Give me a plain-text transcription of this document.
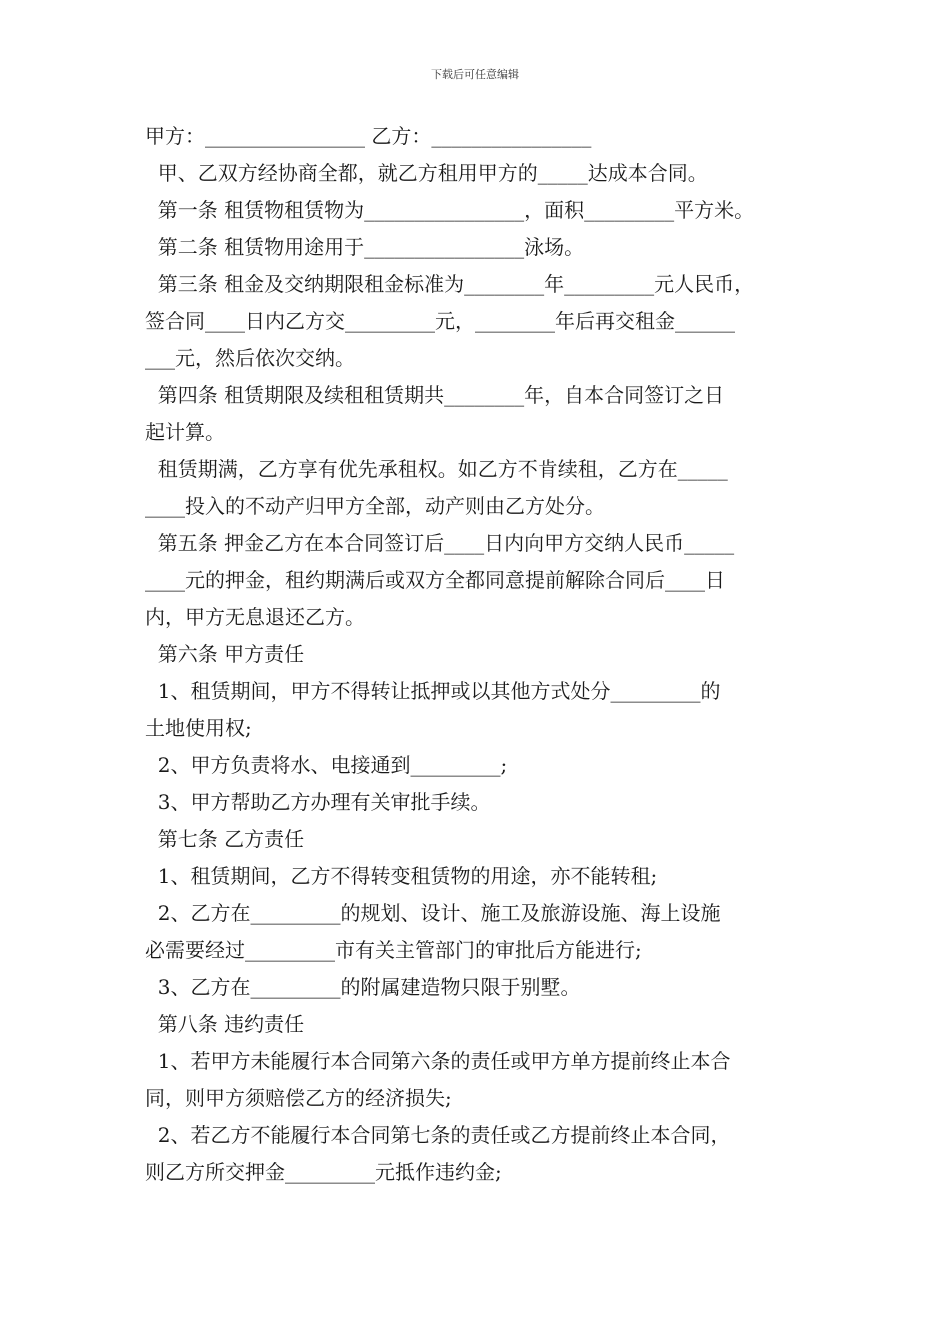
下载后可任意编辑
甲方：________________ 乙方：________________
甲、乙双方经协商全都，就乙方租用甲方的_____达成本合同。
第一条 租赁物租赁物为________________，面积_________平方米。
第二条 租赁物用途用于________________泳场。
第三条 租金及交纳期限租金标准为________年_________元人民币，
签合同____日内乙方交_________元，________年后再交租金______
___元，然后依次交纳。
第四条 租赁期限及续租租赁期共________年，自本合同签订之日
起计算。
租赁期满，乙方享有优先承租权。如乙方不肯续租，乙方在_____
____投入的不动产归甲方全部，动产则由乙方处分。
第五条 押金乙方在本合同签订后____日内向甲方交纳人民币_____
____元的押金，租约期满后或双方全都同意提前解除合同后____日
内，甲方无息退还乙方。
第六条 甲方责任
1、租赁期间，甲方不得转让抵押或以其他方式处分_________的
土地使用权;
2、甲方负责将水、电接通到_________;
3、甲方帮助乙方办理有关审批手续。
第七条 乙方责任
1、租赁期间，乙方不得转变租赁物的用途，亦不能转租;
2、乙方在_________的规划、设计、施工及旅游设施、海上设施
必需要经过_________市有关主管部门的审批后方能进行;
3、乙方在_________的附属建造物只限于别墅。
第八条 违约责任
1、若甲方未能履行本合同第六条的责任或甲方单方提前终止本合
同，则甲方须赔偿乙方的经济损失;
2、若乙方不能履行本合同第七条的责任或乙方提前终止本合同，
则乙方所交押金_________元抵作违约金;
